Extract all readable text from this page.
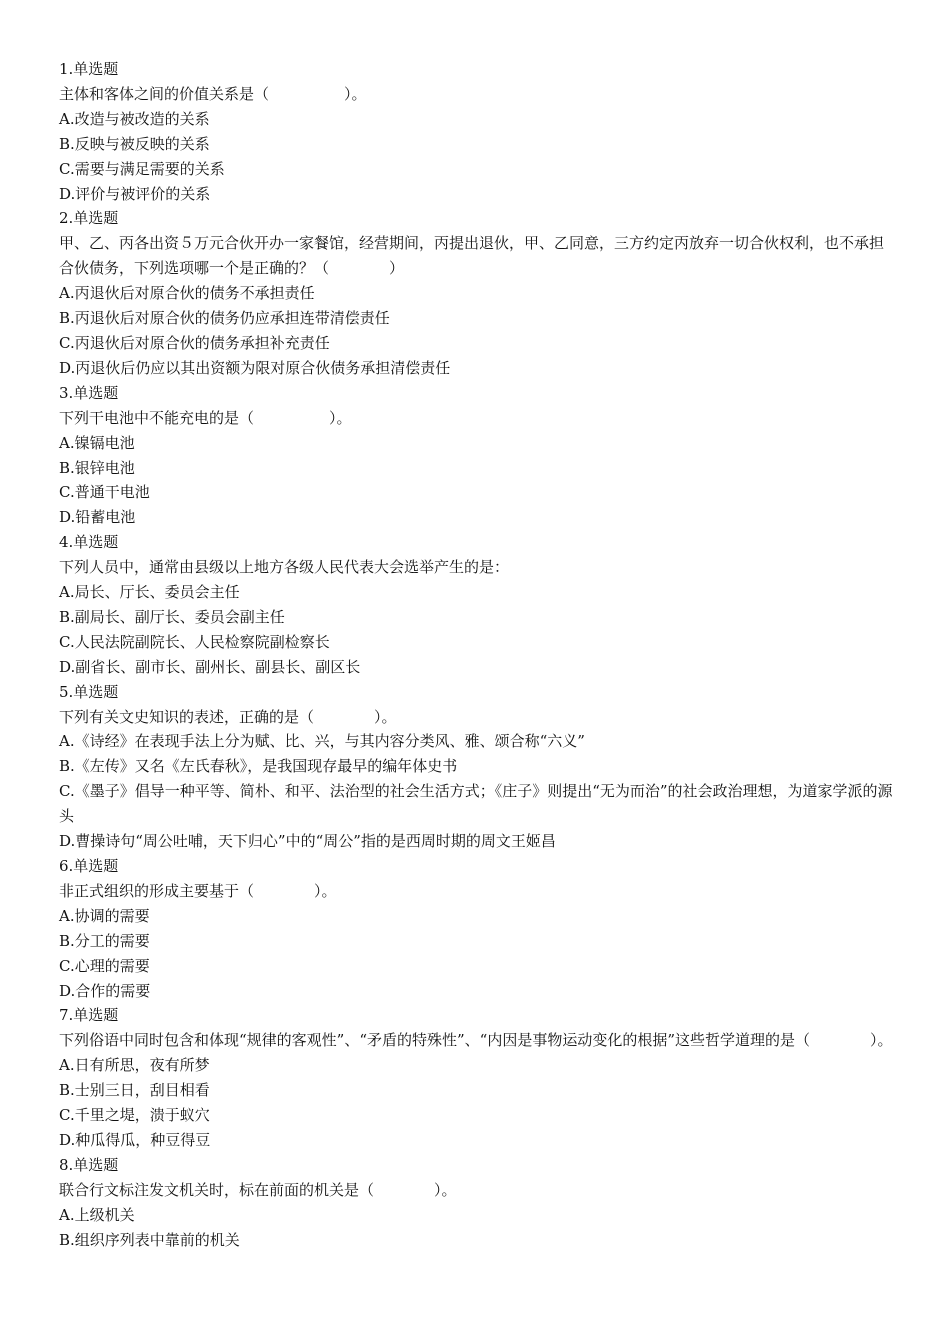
1.单选题

主体和客体之间的价值关系是（　　　　　）。

A.改造与被改造的关系

B.反映与被反映的关系

C.需要与满足需要的关系

D.评价与被评价的关系

2.单选题

甲、乙、丙各出资５万元合伙开办一家餐馆，经营期间，丙提出退伙，甲、乙同意，三方约定丙放弃一切合伙权利，也不承担合伙债务，下列选项哪一个是正确的？（　　　　）

A.丙退伙后对原合伙的债务不承担责任

B.丙退伙后对原合伙的债务仍应承担连带清偿责任

C.丙退伙后对原合伙的债务承担补充责任

D.丙退伙后仍应以其出资额为限对原合伙债务承担清偿责任

3.单选题

下列干电池中不能充电的是（　　　　　）。

A.镍镉电池

B.银锌电池

C.普通干电池

D.铅蓄电池

4.单选题

下列人员中，通常由县级以上地方各级人民代表大会选举产生的是：

A.局长、厅长、委员会主任

B.副局长、副厅长、委员会副主任

C.人民法院副院长、人民检察院副检察长

D.副省长、副市长、副州长、副县长、副区长

5.单选题

下列有关文史知识的表述，正确的是（　　　　）。

A.《诗经》在表现手法上分为赋、比、兴，与其内容分类风、雅、颂合称“六义”

B.《左传》又名《左氏春秋》，是我国现存最早的编年体史书

C.《墨子》倡导一种平等、简朴、和平、法治型的社会生活方式；《庄子》则提出“无为而治”的社会政治理想，为道家学派的源头

D.曹操诗句“周公吐哺，天下归心”中的“周公”指的是西周时期的周文王姬昌

6.单选题

非正式组织的形成主要基于（　　　　）。

A.协调的需要

B.分工的需要

C.心理的需要

D.合作的需要

7.单选题

下列俗语中同时包含和体现“规律的客观性”、“矛盾的特殊性”、“内因是事物运动变化的根据”这些哲学道理的是（　　　　）。

A.日有所思，夜有所梦

B.士别三日，刮目相看

C.千里之堤，溃于蚁穴

D.种瓜得瓜，种豆得豆

8.单选题

联合行文标注发文机关时，标在前面的机关是（　　　　）。

A.上级机关

B.组织序列表中靠前的机关
